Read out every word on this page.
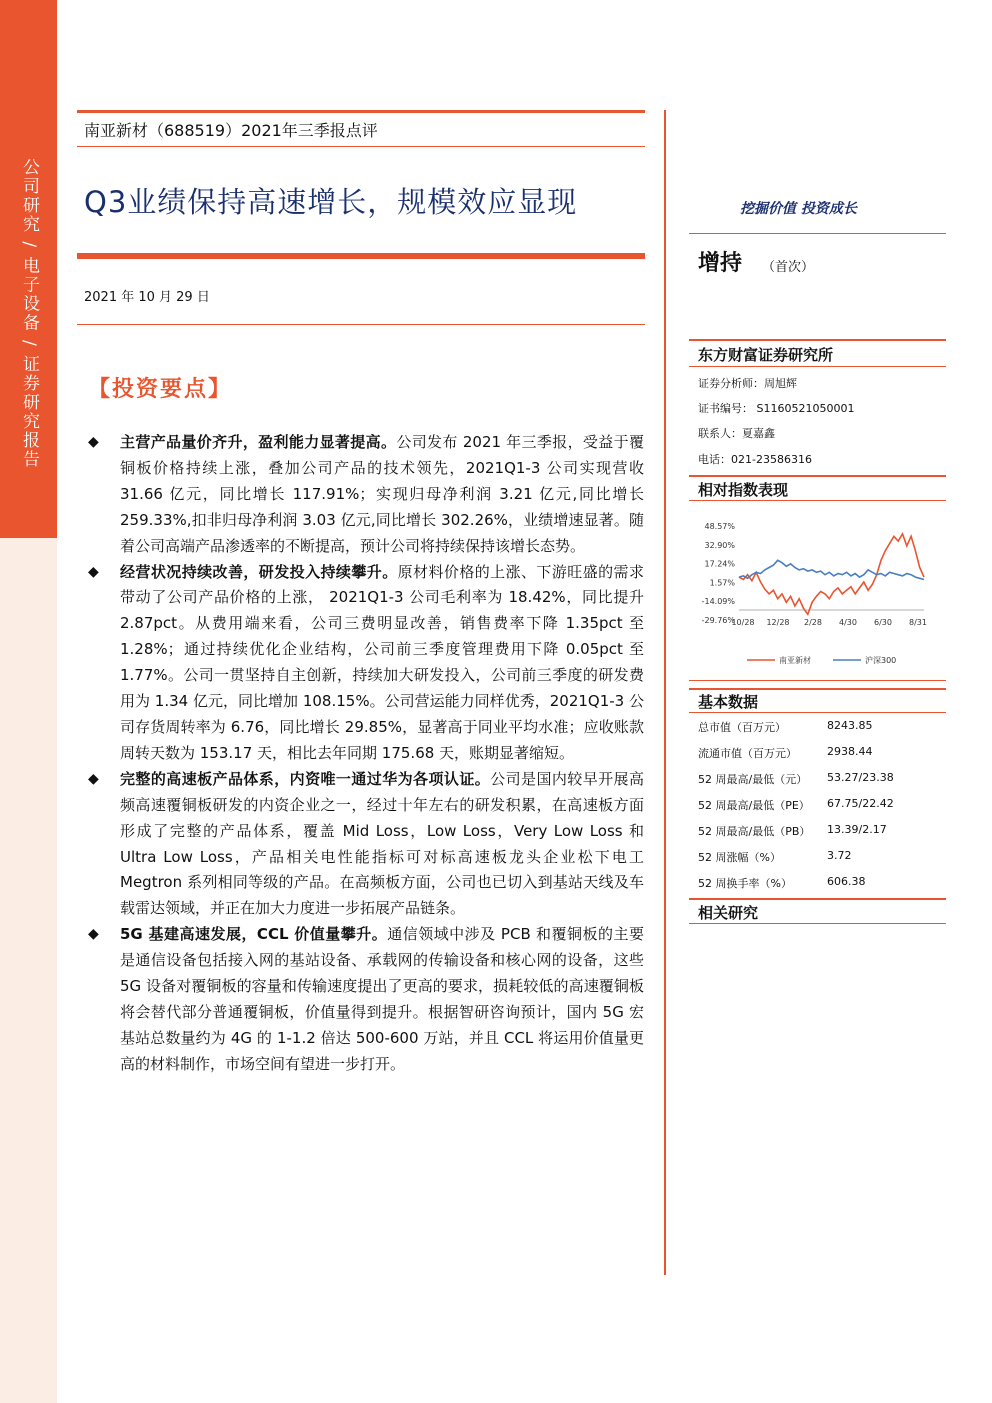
公司研究 / 电子设备 / 证券研究报告
南亚新材（688519）2021年三季报点评
Q3业绩保持高速增长，规模效应显现	挖掘价值 投资成长
2021 年 10 月 29 日
【投资要点】
◆ 主营产品量价齐升，盈利能力显著提高。公司发布 2021 年三季报，受益于覆铜板价格持续上涨，叠加公司产品的技术领先，2021Q1-3 公司实现营收 31.66 亿元，同比增长 117.91%；实现归母净利润 3.21 亿元,同比增长 259.33%,扣非归母净利润 3.03 亿元,同比增长 302.26%，业绩增速显著。随着公司高端产品渗透率的不断提高，预计公司将持续保持该增长态势。
◆ 经营状况持续改善，研发投入持续攀升。原材料价格的上涨、下游旺盛的需求带动了公司产品价格的上涨， 2021Q1-3 公司毛利率为 18.42%，同比提升 2.87pct。从费用端来看，公司三费明显改善，销售费率下降 1.35pct 至 1.28%；通过持续优化企业结构，公司前三季度管理费用下降 0.05pct 至 1.77%。公司一贯坚持自主创新，持续加大研发投入，公司前三季度的研发费用为 1.34 亿元，同比增加 108.15%。公司营运能力同样优秀，2021Q1-3 公司存货周转率为 6.76，同比增长 29.85%，显著高于同业平均水准；应收账款周转天数为 153.17 天，相比去年同期 175.68 天，账期显著缩短。
◆ 完整的高速板产品体系，内资唯一通过华为各项认证。公司是国内较早开展高频高速覆铜板研发的内资企业之一，经过十年左右的研发积累，在高速板方面形成了完整的产品体系，覆盖 Mid Loss，Low Loss，Very Low Loss 和 Ultra Low Loss，产品相关电性能指标可对标高速板龙头企业松下电工 Megtron 系列相同等级的产品。在高频板方面，公司也已切入到基站天线及车载雷达领域，并正在加大力度进一步拓展产品链条。
◆ 5G 基建高速发展，CCL 价值量攀升。通信领域中涉及 PCB 和覆铜板的主要是通信设备包括接入网的基站设备、承载网的传输设备和核心网的设备，这些 5G 设备对覆铜板的容量和传输速度提出了更高的要求，损耗较低的高速覆铜板将会替代部分普通覆铜板，价值量得到提升。根据智研咨询预计，国内 5G 宏基站总数量约为 4G 的 1-1.2 倍达 500-600 万站，并且 CCL 将运用价值量更高的材料制作，市场空间有望进一步打开。
增持 （首次）
东方财富证券研究所
证券分析师：周旭辉
证书编号： S1160521050001
联系人：夏嘉鑫
电话：021-23586316
相对指数表现
48.57%
32.90%
17.24%
1.57%
-14.09%
-29.76%
10/28 12/28 2/28 4/30 6/30 8/31
南亚新材	沪深300
基本数据
总市值（百万元）	8243.85
流通市值（百万元）	2938.44
52 周最高/最低（元） 53.27/23.38
52 周最高/最低（PE） 67.75/22.42
52 周最高/最低（PB） 13.39/2.17
52 周涨幅（%）	3.72
52 周换手率（%）	606.38
相关研究
